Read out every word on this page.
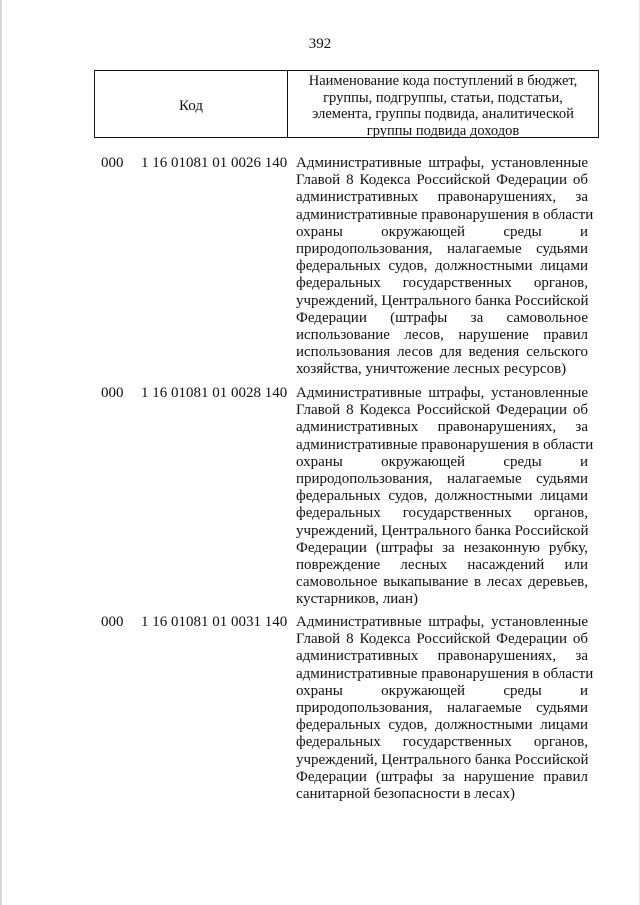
392
Код
Наименование кода поступлений в бюджет,
группы, подгруппы, статьи, подстатьи,
элемента, группы подвида, аналитической
группы подвида доходов
000 1 16 01081 01 0026 140 Административные штрафы, установленные
Главой 8 Кодекса Российской Федерации об
административных правонарушениях, за
административные правонарушения в области
охраны окружающей среды и
природопользования, налагаемые судьями
федеральных судов, должностными лицами
федеральных государственных органов,
учреждений, Центрального банка Российской
Федерации (штрафы за самовольное
использование лесов, нарушение правил
использования лесов для ведения сельского
хозяйства, уничтожение лесных ресурсов)
000 1 16 01081 01 0028 140 Административные штрафы, установленные
Главой 8 Кодекса Российской Федерации об
административных правонарушениях, за
административные правонарушения в области
охраны окружающей среды и
природопользования, налагаемые судьями
федеральных судов, должностными лицами
федеральных государственных органов,
учреждений, Центрального банка Российской
Федерации (штрафы за незаконную рубку,
повреждение лесных насаждений или
самовольное выкапывание в лесах деревьев,
кустарников, лиан)
000 1 16 01081 01 0031 140 Административные штрафы, установленные
Главой 8 Кодекса Российской Федерации об
административных правонарушениях, за
административные правонарушения в области
охраны окружающей среды и
природопользования, налагаемые судьями
федеральных судов, должностными лицами
федеральных государственных органов,
учреждений, Центрального банка Российской
Федерации (штрафы за нарушение правил
санитарной безопасности в лесах)
